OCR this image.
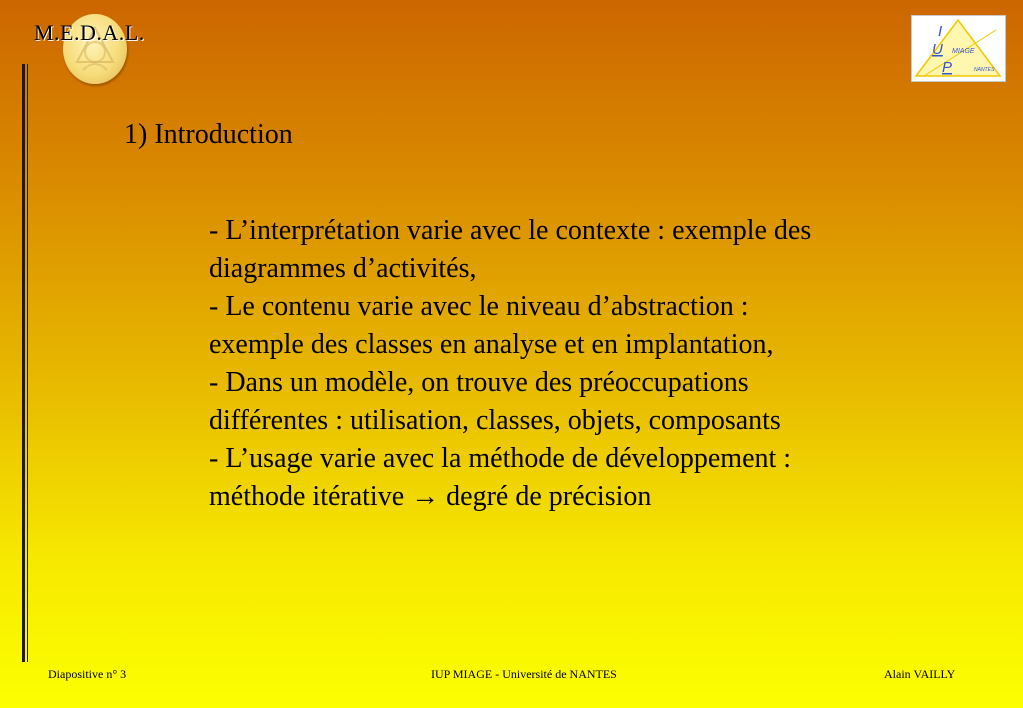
M.E.D.A.L.	I
U
P
MIAGE
NANTES
1) Introduction

- L’interprétation varie avec le contexte : exemple des

diagrammes d’activités,

- Le contenu varie avec le niveau d’abstraction :

exemple des classes en analyse et en implantation,

- Dans un modèle, on trouve des préoccupations

différentes : utilisation, classes, objets, composants

- L’usage varie avec la méthode de développement :

méthode itérative → degré de précision

Diapositive n° 3	IUP MIAGE - Université de NANTES	Alain VAILLY
